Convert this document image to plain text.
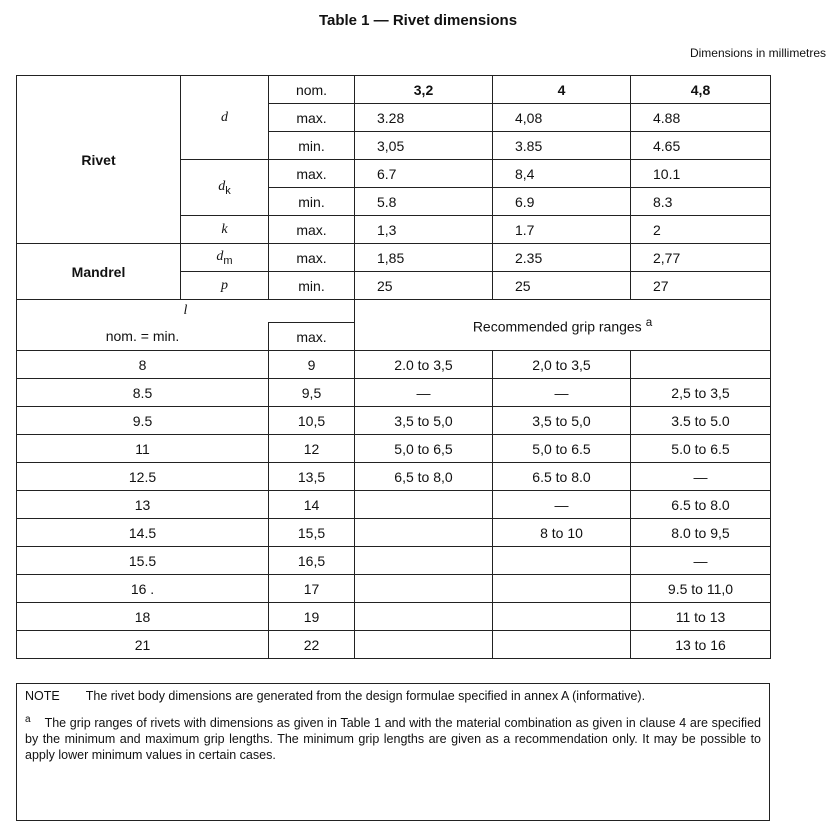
Table 1 — Rivet dimensions
Dimensions in millimetres
Rivet	d	nom.	3,2	4	4,8
		max.	3.28	4,08	4.88
		min.	3,05	3.85	4.65
	$d_k$	max.	6.7	8,4	10.1
		min.	5.8	6.9	8.3
	k	max.	1,3	1.7	2
Mandrel	$d_m$	max.	1,85	2.35	2,77
	p	min.	25	25	27
l			Recommended grip ranges $^a$
nom. = min.		max.			
8		9	2.0 to 3,5	2,0 to 3,5	
8.5		9,5	—	—	2,5 to 3,5
9.5		10,5	3,5 to 5,0	3,5 to 5,0	3.5 to 5.0
11		12	5,0 to 6,5	5,0 to 6.5	5.0 to 6.5
12.5		13,5	6,5 to 8,0	6.5 to 8.0	—
13		14		—	6.5 to 8.0
14.5		15,5		8 to 10	8.0 to 9,5
15.5		16,5			—
16 .		17			9.5 to 11,0
18		19			11 to 13
21		22			13 to 16

NOTE The rivet body dimensions are generated from the design formulae specified in annex A (informative).

$^a$ The grip ranges of rivets with dimensions as given in Table 1 and with the material combination as given in clause 4 are specified by the minimum and maximum grip lengths. The minimum grip lengths are given as a recommendation only. It may be possible to apply lower minimum values in certain cases.
